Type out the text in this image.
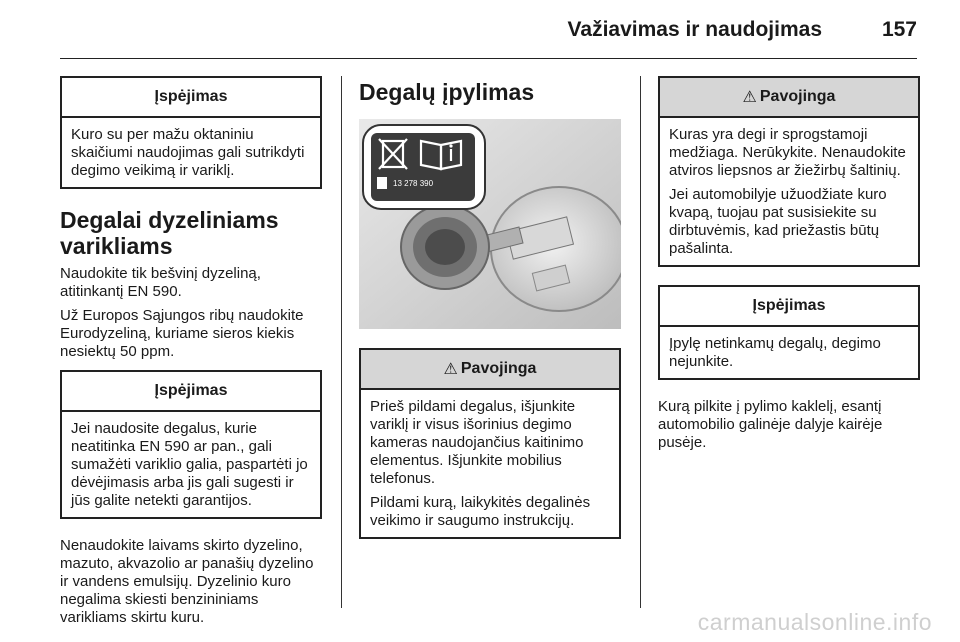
Važiavimas ir naudojimas	157
Įspėjimas

Kuro su per mažu oktaniniu skaičiumi naudojimas gali sutrikdyti degimo veikimą ir variklį.

Degalai dyzeliniams varikliams

Naudokite tik bešvinį dyzeliną, atitinkantį EN 590.

Už Europos Sąjungos ribų naudokite Eurodyzeliną, kuriame sieros kiekis nesiektų 50 ppm.

Įspėjimas

Jei naudosite degalus, kurie neatitinka EN 590 ar pan., gali sumažėti variklio galia, paspartėti jo dėvėjimasis arba jis gali sugesti ir jūs galite netekti garantijos.

Nenaudokite laivams skirto dyzelino, mazuto, akvazolio ar panašių dyzelino ir vandens emulsijų. Dyzelinio kuro negalima skiesti benzininiams varikliams skirtu kuru.

Degalų įpylimas
13 278 390
⚠ Pavojinga

Prieš pildami degalus, išjunkite variklį ir visus išorinius degimo kameras naudojančius kaitinimo elementus. Išjunkite mobilius telefonus.

Pildami kurą, laikykitės degalinės veikimo ir saugumo instrukcijų.

⚠ Pavojinga

Kuras yra degi ir sprogstamoji medžiaga. Nerūkykite. Nenaudokite atviros liepsnos ar žiežirbų šaltinių.

Jei automobilyje užuodžiate kuro kvapą, tuojau pat susisiekite su dirbtuvėmis, kad priežastis būtų pašalinta.

Įspėjimas

Įpylę netinkamų degalų, degimo nejunkite.

Kurą pilkite į pylimo kaklelį, esantį automobilio galinėje dalyje kairėje pusėje.

carmanualsonline.info
